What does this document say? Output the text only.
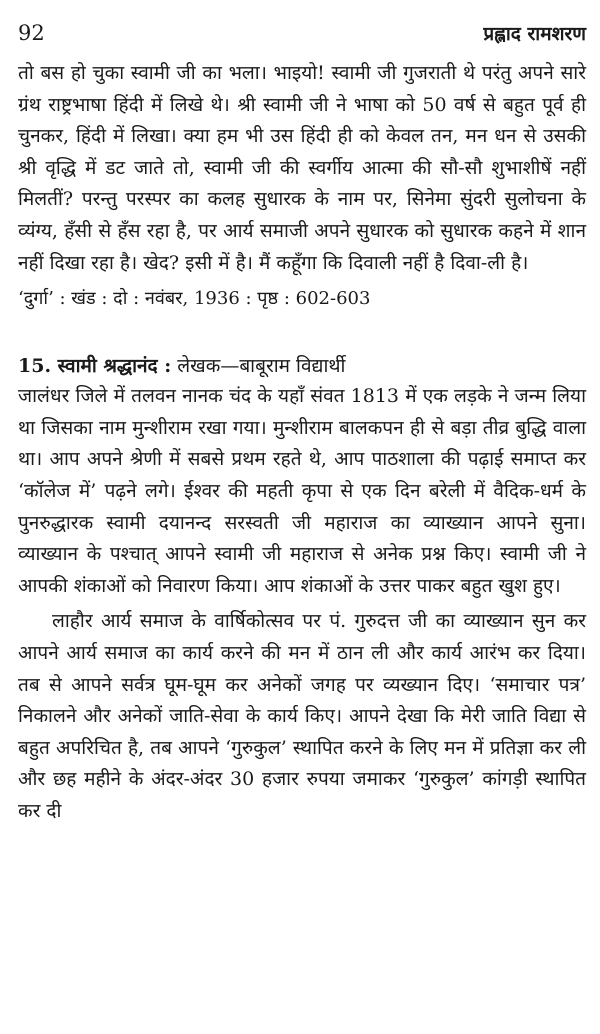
92	प्रह्लाद रामशरण

तो बस हो चुका स्वामी जी का भला। भाइयो! स्वामी जी गुजराती थे परंतु अपने सारे ग्रंथ राष्ट्रभाषा हिंदी में लिखे थे। श्री स्वामी जी ने भाषा को 50 वर्ष से बहुत पूर्व ही चुनकर, हिंदी में लिखा। क्या हम भी उस हिंदी ही को केवल तन, मन धन से उसकी श्री वृद्धि में डट जाते तो, स्वामी जी की स्वर्गीय आत्मा की सौ-सौ शुभाशीषें नहीं मिलतीं? परन्तु परस्पर का कलह सुधारक के नाम पर, सिनेमा सुंदरी सुलोचना के व्यंग्य, हँसी से हँस रहा है, पर आर्य समाजी अपने सुधारक को सुधारक कहने में शान नहीं दिखा रहा है। खेद? इसी में है। मैं कहूँगा कि दिवाली नहीं है दिवा-ली है।

‘दुर्गा’ : खंड : दो : नवंबर, 1936 : पृष्ठ : 602-603

15. स्वामी श्रद्धानंद : लेखक—बाबूराम विद्यार्थी

जालंधर जिले में तलवन नानक चंद के यहाँ संवत 1813 में एक लड़के ने जन्म लिया था जिसका नाम मुन्शीराम रखा गया। मुन्शीराम बालकपन ही से बड़ा तीव्र बुद्धि वाला था। आप अपने श्रेणी में सबसे प्रथम रहते थे, आप पाठशाला की पढ़ाई समाप्त कर ‘कॉलेज में’ पढ़ने लगे। ईश्वर की महती कृपा से एक दिन बरेली में वैदिक-धर्म के पुनरुद्धारक स्वामी दयानन्द सरस्वती जी महाराज का व्याख्यान आपने सुना। व्याख्यान के पश्चात् आपने स्वामी जी महाराज से अनेक प्रश्न किए। स्वामी जी ने आपकी शंकाओं को निवारण किया। आप शंकाओं के उत्तर पाकर बहुत खुश हुए।

लाहौर आर्य समाज के वार्षिकोत्सव पर पं. गुरुदत्त जी का व्याख्यान सुन कर आपने आर्य समाज का कार्य करने की मन में ठान ली और कार्य आरंभ कर दिया। तब से आपने सर्वत्र घूम-घूम कर अनेकों जगह पर व्यख्यान दिए। ‘समाचार पत्र’ निकालने और अनेकों जाति-सेवा के कार्य किए। आपने देखा कि मेरी जाति विद्या से बहुत अपरिचित है, तब आपने ‘गुरुकुल’ स्थापित करने के लिए मन में प्रतिज्ञा कर ली और छह महीने के अंदर-अंदर 30 हजार रुपया जमाकर ‘गुरुकुल’ कांगड़ी स्थापित कर दी
